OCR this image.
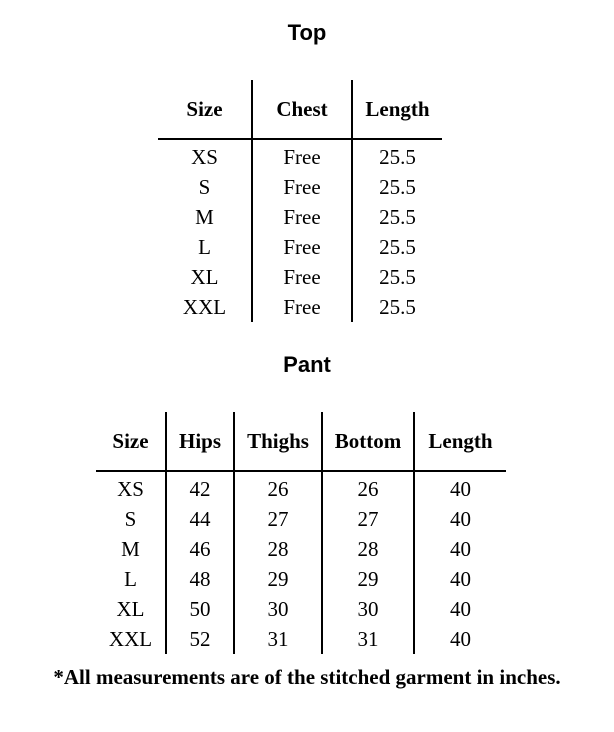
Top
Size	Chest	Length
XS	Free	25.5
S	Free	25.5
M	Free	25.5
L	Free	25.5
XL	Free	25.5
XXL	Free	25.5
Pant
Size	Hips	Thighs	Bottom	Length
XS	42	26	26	40
S	44	27	27	40
M	46	28	28	40
L	48	29	29	40
XL	50	30	30	40
XXL	52	31	31	40
*All measurements are of the stitched garment in inches.
